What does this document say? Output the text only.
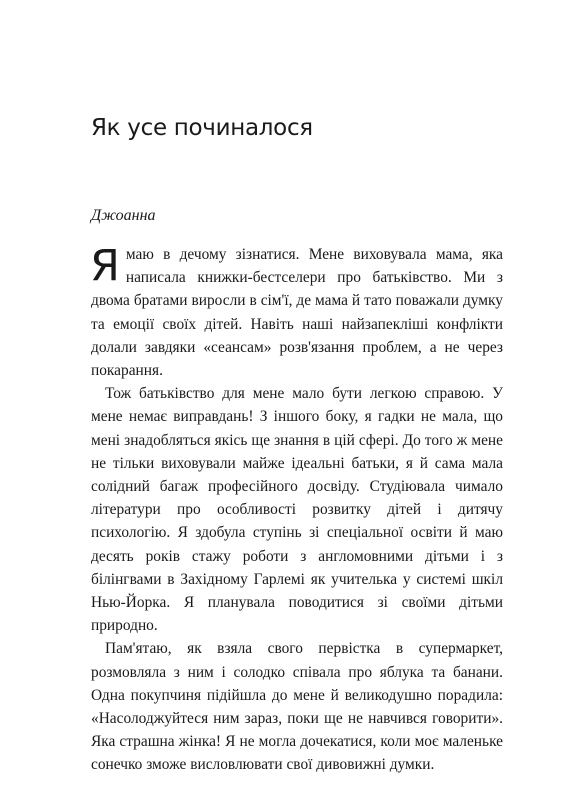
Як усе починалося
Джоанна

Ямаю в дечому зізнатися. Мене виховувала мама, яка написала книжки-бестселери про батьківство. Ми з двома братами виросли в сім'ї, де мама й тато поважали думку та емоції своїх дітей. Навіть наші найзапекліші конфлікти долали завдяки «сеансам» розв'язання проблем, а не через покарання.

Тож батьківство для мене мало бути легкою справою. У мене немає виправдань! З іншого боку, я гадки не мала, що мені знадобляться якісь ще знання в цій сфері. До того ж мене не тільки виховували майже ідеальні батьки, я й сама мала солідний багаж професійного досвіду. Студіювала чимало літератури про особливості розвитку дітей і дитячу психологію. Я здобула ступінь зі спеціальної освіти й маю десять років стажу роботи з англомовними дітьми і з білінгвами в Західному Гарлемі як учителька у системі шкіл Нью-Йорка. Я планувала поводитися зі своїми дітьми природно.

Пам'ятаю, як взяла свого первістка в супермаркет, розмовляла з ним і солодко співала про яблука та банани. Одна покупчиня підійшла до мене й великодушно порадила: «Насолоджуйтеся ним зараз, поки ще не навчився говорити». Яка страшна жінка! Я не могла дочекатися, коли моє маленьке сонечко зможе висловлювати свої дивовижні думки.
